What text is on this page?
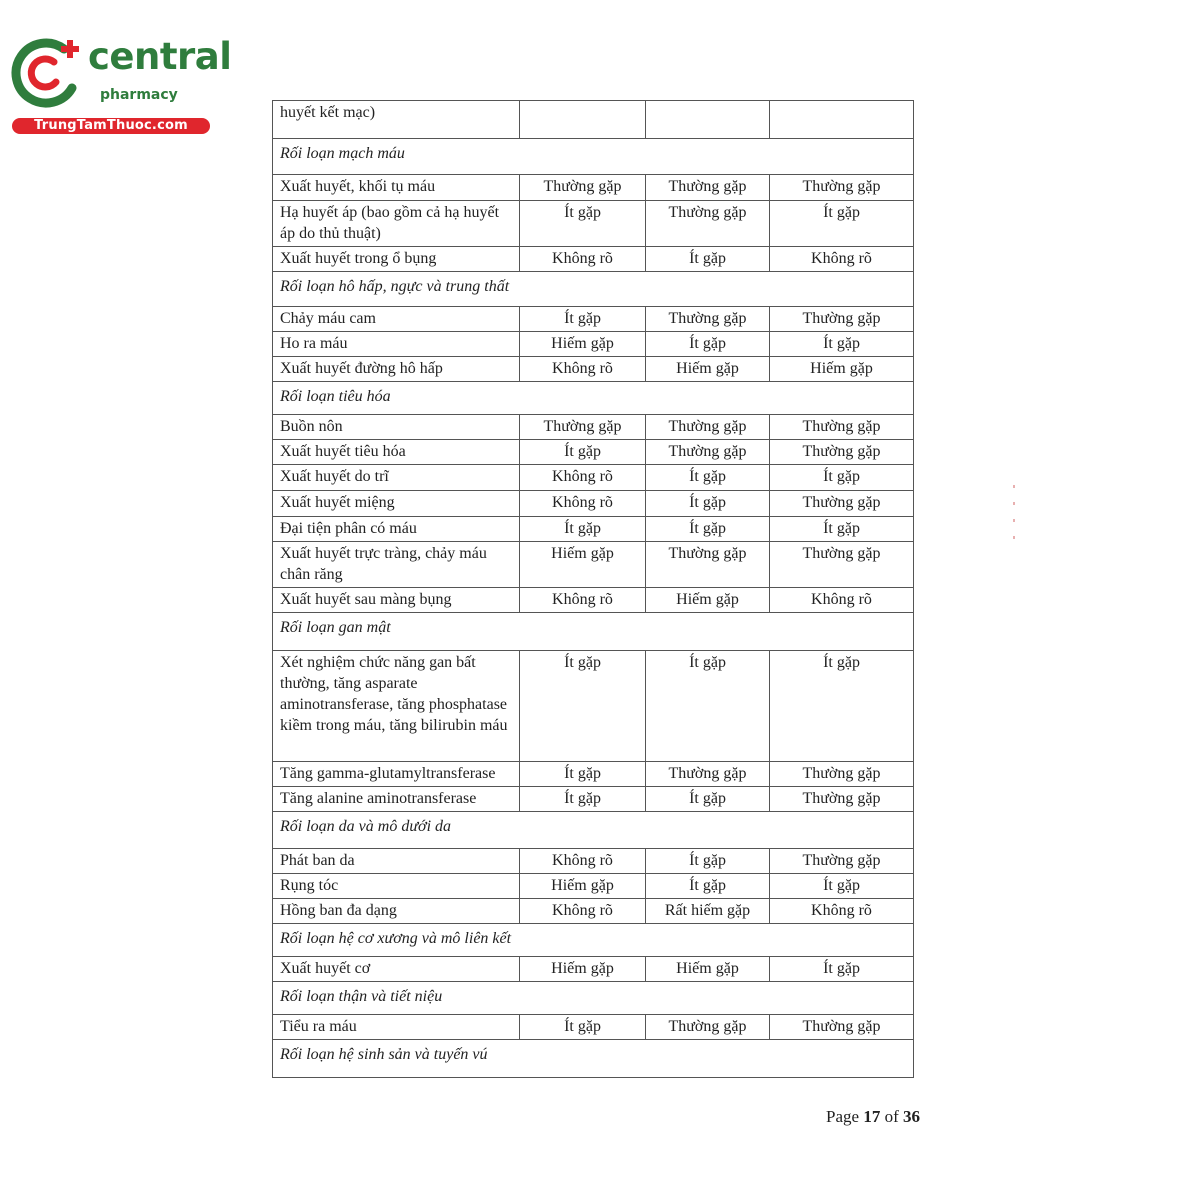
central
pharmacy
TrungTamThuoc.com
huyết kết mạc)			
Rối loạn mạch máu			
Xuất huyết, khối tụ máu	Thường gặp	Thường gặp	Thường gặp
Hạ huyết áp (bao gồm cả hạ huyết áp do thủ thuật)	Ít gặp	Thường gặp	Ít gặp
Xuất huyết trong ổ bụng	Không rõ	Ít gặp	Không rõ
Rối loạn hô hấp, ngực và trung thất			
Chảy máu cam	Ít gặp	Thường gặp	Thường gặp
Ho ra máu	Hiếm gặp	Ít gặp	Ít gặp
Xuất huyết đường hô hấp	Không rõ	Hiếm gặp	Hiếm gặp
Rối loạn tiêu hóa			
Buồn nôn	Thường gặp	Thường gặp	Thường gặp
Xuất huyết tiêu hóa	Ít gặp	Thường gặp	Thường gặp
Xuất huyết do trĩ	Không rõ	Ít gặp	Ít gặp
Xuất huyết miệng	Không rõ	Ít gặp	Thường gặp
Đại tiện phân có máu	Ít gặp	Ít gặp	Ít gặp
Xuất huyết trực tràng, chảy máu chân răng	Hiếm gặp	Thường gặp	Thường gặp
Xuất huyết sau màng bụng	Không rõ	Hiếm gặp	Không rõ
Rối loạn gan mật			
Xét nghiệm chức năng gan bất thường, tăng asparate aminotransferase, tăng phosphatase kiềm trong máu, tăng bilirubin máu	Ít gặp	Ít gặp	Ít gặp
Tăng gamma-glutamyltransferase	Ít gặp	Thường gặp	Thường gặp
Tăng alanine aminotransferase	Ít gặp	Ít gặp	Thường gặp
Rối loạn da và mô dưới da			
Phát ban da	Không rõ	Ít gặp	Thường gặp
Rụng tóc	Hiếm gặp	Ít gặp	Ít gặp
Hồng ban đa dạng	Không rõ	Rất hiếm gặp	Không rõ
Rối loạn hệ cơ xương và mô liên kết			
Xuất huyết cơ	Hiếm gặp	Hiếm gặp	Ít gặp
Rối loạn thận và tiết niệu			
Tiểu ra máu	Ít gặp	Thường gặp	Thường gặp
Rối loạn hệ sinh sản và tuyến vú			
Page 17 of 36
